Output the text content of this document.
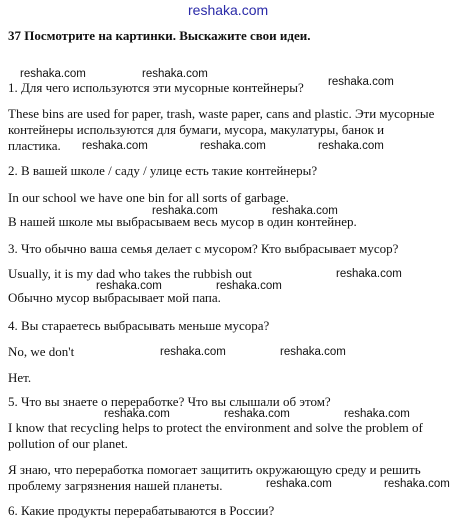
reshaka.com
37 Посмотрите на картинки. Выскажите свои идеи.
reshaka.com	reshaka.com
reshaka.com
1. Для чего используются эти мусорные контейнеры?
These bins are used for paper, trash, waste paper, cans and plastic. Эти мусорные
контейнеры используются для бумаги, мусора, макулатуры, банок и
пластика. reshaka.com	reshaka.com	reshaka.com
2. В вашей школе / саду / улице есть такие контейнеры?
In our school we have one bin for all sorts of garbage.
reshaka.com	reshaka.com
В нашей школе мы выбрасываем весь мусор в один контейнер.
3. Что обычно ваша семья делает с мусором? Кто выбрасывает мусор?
Usually, it is my dad who takes the rubbish out	reshaka.com
reshaka.com	reshaka.com
Обычно мусор выбрасывает мой папа.
4. Вы стараетесь выбрасывать меньше мусора?
No, we don't	reshaka.com	reshaka.com
Нет.
5. Что вы знаете о переработке? Что вы слышали об этом?
reshaka.com	reshaka.com	reshaka.com
I know that recycling helps to protect the environment and solve the problem of
pollution of our planet.
Я знаю, что переработка помогает защитить окружающую среду и решить
проблему загрязнения нашей планеты.	reshaka.com	reshaka.com
6. Какие продукты перерабатываются в России?
